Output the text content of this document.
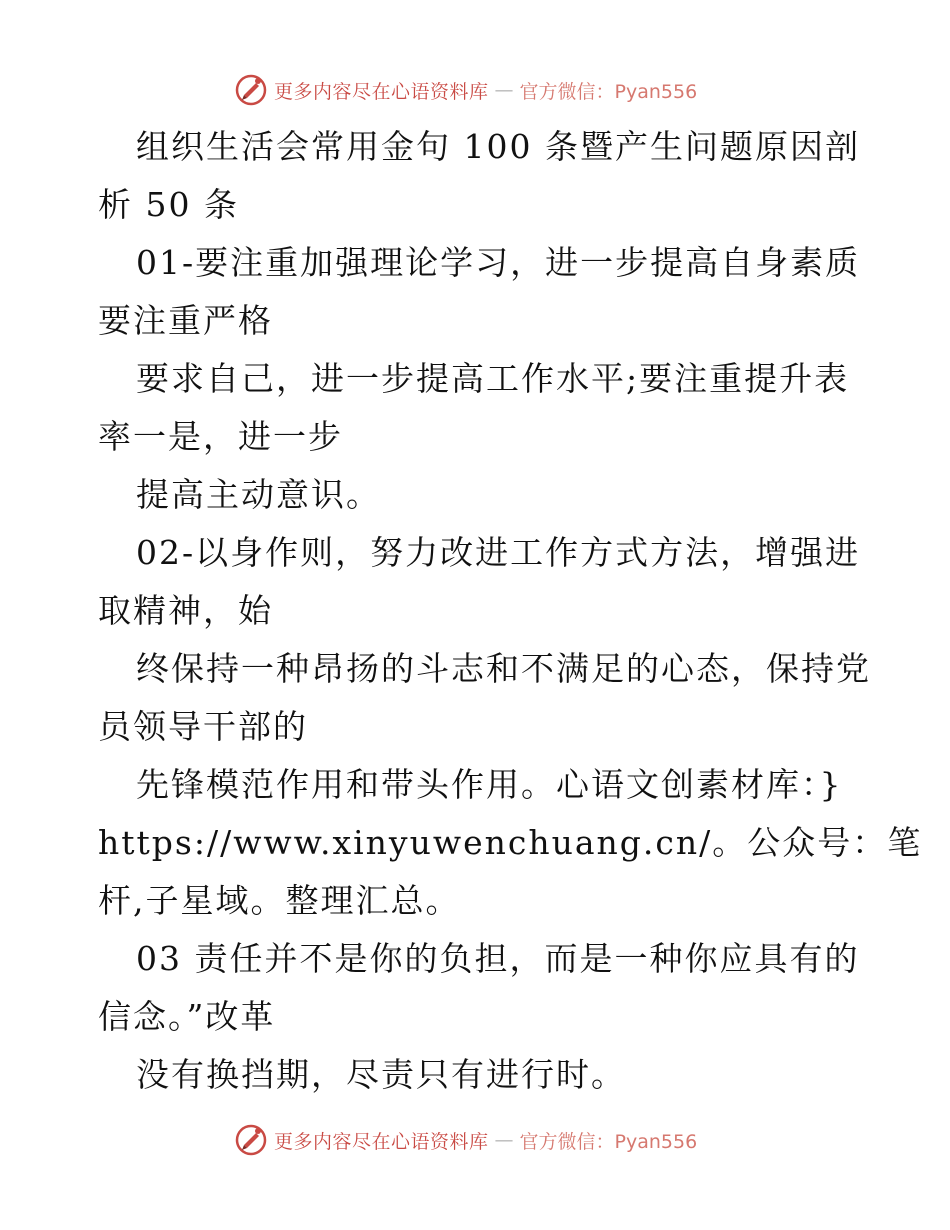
更多内容尽在心语资料库 — 官方微信：Pyan556
组织生活会常用金句 100 条暨产生问题原因剖
析 50 条
01-要注重加强理论学习，进一步提高自身素质
要注重严格
要求自己，进一步提高工作水平;要注重提升表
率一是，进一步
提高主动意识。
02-以身作则，努力改进工作方式方法，增强进
取精神，始
终保持一种昂扬的斗志和不满足的心态，保持党
员领导干部的
先锋模范作用和带头作用。心语文创素材库：}
https://www.xinyuwenchuang.cn/。公众号：笔
杆,子星域。整理汇总。
03 责任并不是你的负担，而是一种你应具有的
信念。”改革
没有换挡期，尽责只有进行时。
更多内容尽在心语资料库 — 官方微信：Pyan556
